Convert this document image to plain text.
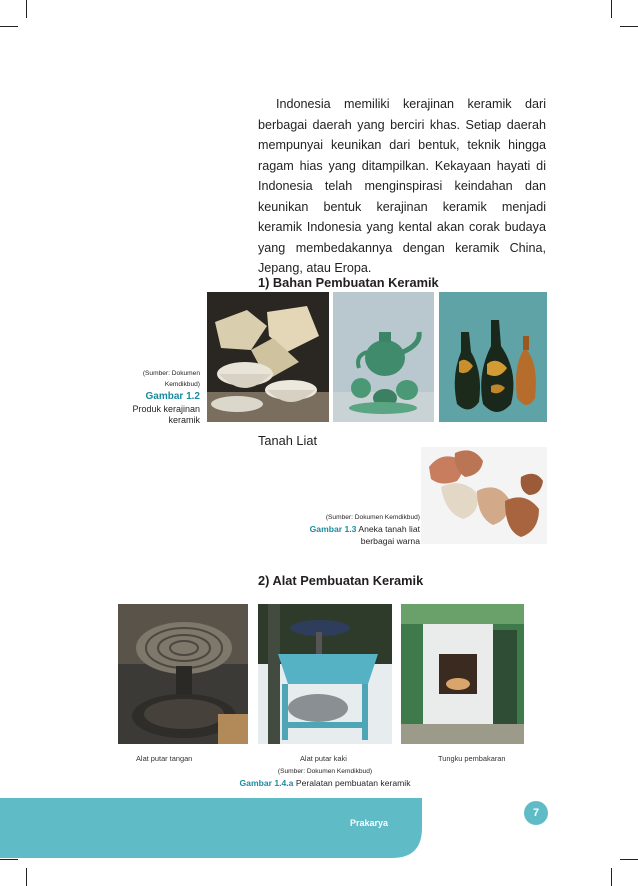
Indonesia memiliki kerajinan keramik dari berbagai daerah yang berciri khas. Setiap daerah mempunyai keunikan dari bentuk, teknik hingga ragam hias yang ditampilkan. Kekayaan hayati di Indonesia telah menginspirasi keindahan dan keunikan bentuk kerajinan keramik menjadi keramik Indonesia yang kental akan corak budaya yang membedakannya dengan keramik China, Jepang, atau Eropa.

1) Bahan Pembuatan Keramik
(Sumber: Dokumen Kemdikbud)
Gambar 1.2
Produk kerajinan keramik
Tanah Liat
(Sumber: Dokumen Kemdikbud)
Gambar 1.3 Aneka tanah liat berbagai warna
2) Alat Pembuatan Keramik
Alat putar tangan	Alat putar kaki	Tungku pembakaran
(Sumber: Dokumen Kemdikbud)
Gambar 1.4.a Peralatan pembuatan keramik
Prakarya
7
